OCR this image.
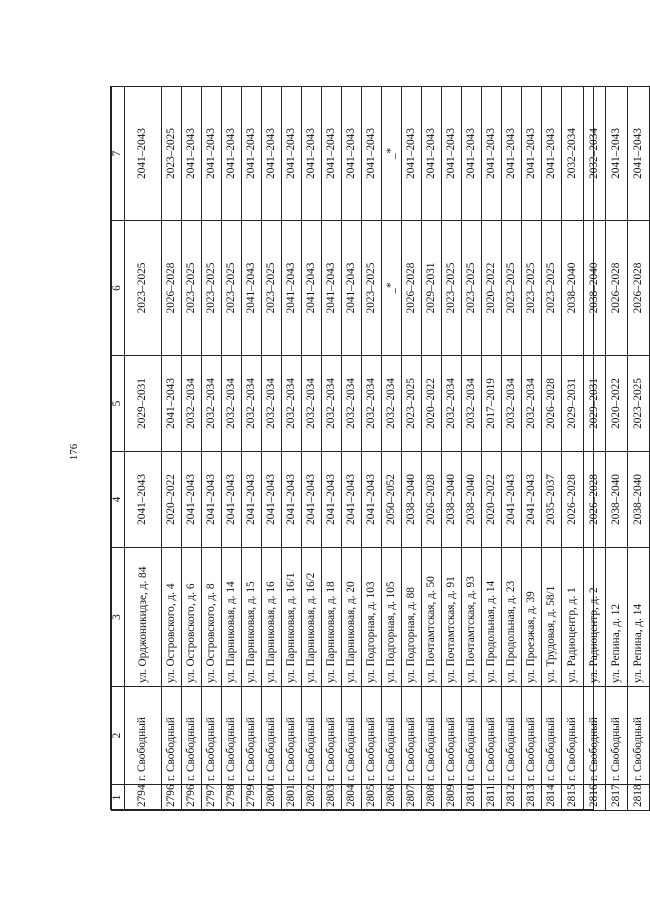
176
1	2	3	4	5	6	7
2794	г. Свободный	ул. Орджоникидзе, д. 84	2041–2043	2029–2031	2023–2025	2041–2043
2796	г. Свободный	ул. Островского, д. 4	2020–2022	2041–2043	2026–2028	2023–2025
2796	г. Свободный	ул. Островского, д. 6	2041–2043	2032–2034	2023–2025	2041–2043
2797	г. Свободный	ул. Островского, д. 8	2041–2043	2032–2034	2023–2025	2041–2043
2798	г. Свободный	ул. Парниковая, д. 14	2041–2043	2032–2034	2023–2025	2041–2043
2799	г. Свободный	ул. Парниковая, д. 15	2041–2043	2032–2034	2041–2043	2041–2043
2800	г. Свободный	ул. Парниковая, д. 16	2041–2043	2032–2034	2023–2025	2041–2043
2801	г. Свободный	ул. Парниковая, д. 16/1	2041–2043	2032–2034	2041–2043	2041–2043
2802	г. Свободный	ул. Парниковая, д. 16/2	2041–2043	2032–2034	2041–2043	2041–2043
2803	г. Свободный	ул. Парниковая, д. 18	2041–2043	2032–2034	2041–2043	2041–2043
2804	г. Свободный	ул. Парниковая, д. 20	2041–2043	2032–2034	2041–2043	2041–2043
2805	г. Свободный	ул. Подгорная, д. 103	2041–2043	2032–2034	2023–2025	2041–2043
2806	г. Свободный	ул. Подгорная, д. 105	2050–2052	2032–2034	_*	_*
2807	г. Свободный	ул. Подгорная, д. 88	2038–2040	2023–2025	2026–2028	2041–2043
2808	г. Свободный	ул. Почтамтская, д. 50	2026–2028	2020–2022	2029–2031	2041–2043
2809	г. Свободный	ул. Почтамтская, д. 91	2038–2040	2032–2034	2023–2025	2041–2043
2810	г. Свободный	ул. Почтамтская, д. 93	2038–2040	2032–2034	2023–2025	2041–2043
2811	г. Свободный	ул. Продольная, д. 14	2020–2022	2017–2019	2020–2022	2041–2043
2812	г. Свободный	ул. Продольная, д. 23	2041–2043	2032–2034	2023–2025	2041–2043
2813	г. Свободный	ул. Проезжая, д. 39	2041–2043	2032–2034	2023–2025	2041–2043
2814	г. Свободный	ул. Трудовая, д. 58/1	2035–2037	2026–2028	2023–2025	2041–2043
2815	г. Свободный	ул. Радиоцентр, д. 1	2026–2028	2029–2031	2038–2040	2032–2034
2816	г. Свободный	ул. Радиоцентр, д. 2	2026–2028	2029–2031	2038–2040	2032–2034
2817	г. Свободный	ул. Репина, д. 12	2038–2040	2020–2022	2026–2028	2041–2043
2818	г. Свободный	ул. Репина, д. 14	2038–2040	2023–2025	2026–2028	2041–2043
